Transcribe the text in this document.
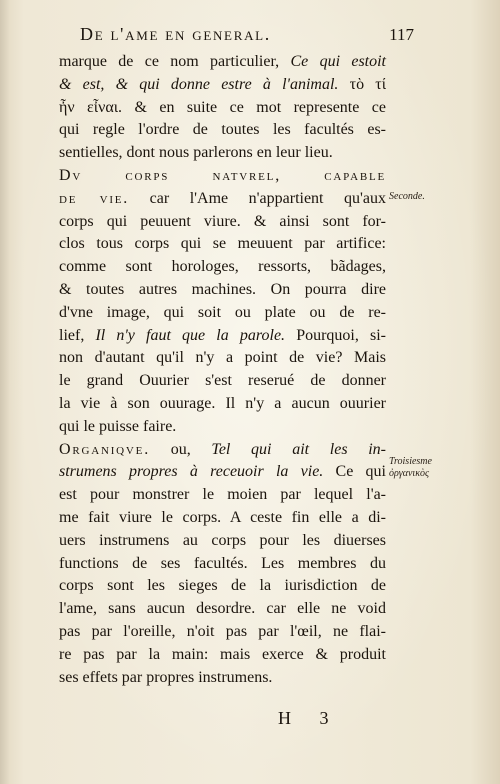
De l'ame en general.	117
marque de ce nom particulier, Ce qui estoit
& est, & qui donne estre à l'animal. τὸ τί
ἦν εἶναι. & en suite ce mot represente ce
qui regle l'ordre de toutes les facultés es-
sentielles, dont nous parlerons en leur lieu.
Dv corps natvrel, capable
de vie. car l'Ame n'appartient qu'aux
corps qui peuuent viure. & ainsi sont for-
clos tous corps qui se meuuent par artifice:
comme sont horologes, ressorts, bãdages,
& toutes autres machines. On pourra dire
d'vne image, qui soit ou plate ou de re-
lief, Il n'y faut que la parole. Pourquoi, si-
non d'autant qu'il n'y a point de vie? Mais
le grand Ouurier s'est reserué de donner
la vie à son ouurage. Il n'y a aucun ouurier
qui le puisse faire.
Organiqve. ou, Tel qui ait les in-
strumens propres à receuoir la vie. Ce qui
est pour monstrer le moien par lequel l'a-
me fait viure le corps. A ceste fin elle a di-
uers instrumens au corps pour les diuerses
functions de ses facultés. Les membres du
corps sont les sieges de la iurisdiction de
l'ame, sans aucun desordre. car elle ne void
pas par l'oreille, n'oit pas par l'œil, ne flai-
re pas par la main: mais exerce & produit
ses effets par propres instrumens.
Seconde.
Troisiesme
ὀργανικὸς
H 3
